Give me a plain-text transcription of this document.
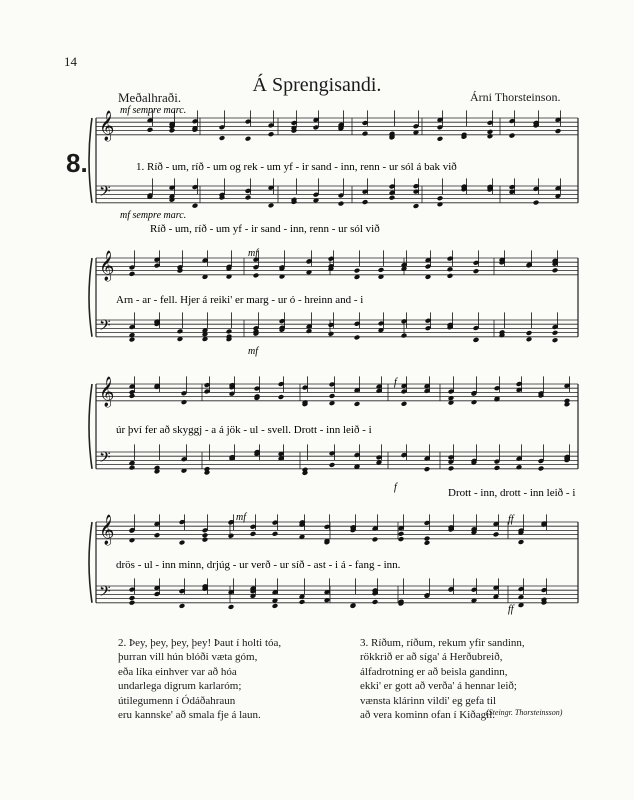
14
Á Sprengisandi.
Meðalhraði.	Árni Thorsteinson.
8.
𝄞
𝄢
𝄞
𝄢
𝄞
𝄢
𝄞
𝄢
mf sempre marc.
mf sempre marc.
mf
mf
f
f
mf	ff
ff
1. Ríð - um, ríð - um og rek - um yf - ir sand - inn, renn - ur sól á bak við
Ríð - um, ríð - um yf - ir sand - inn, renn - ur sól við
Arn - ar - fell. Hjer á reiki' er marg - ur ó - hreinn and - i
úr því fer að skyggj - a á jök - ul - svell. Drott - inn leið - i
Drott - inn, drott - inn leið - i
drös - ul - inn minn, drjúg - ur verð - ur síð - ast - i á - fang - inn.
2. Þey, þey, þey, þey! Þaut í holti tóa,
þurran vill hún blóði væta góm,
eða líka einhver var að hóa
undarlega digrum karlaróm;
útilegumenn í Ódáðahraun
eru kannske' að smala fje á laun.
3. Ríðum, ríðum, rekum yfir sandinn,
rökkrið er að síga' á Herðubreið,
álfadrotning er að beisla gandinn,
ekki' er gott að verða' á hennar leið;
vænsta klárinn vildi' eg gefa til
að vera kominn ofan í Kiðagil.
(Steingr. Thorsteinsson)
